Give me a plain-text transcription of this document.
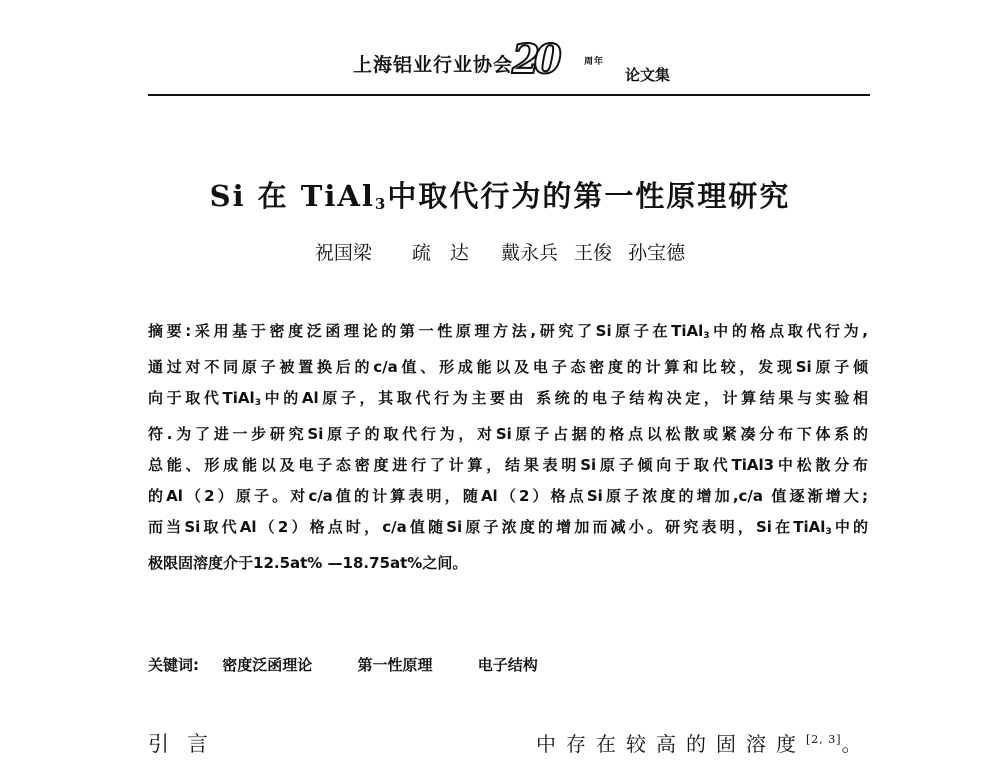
上海铝业行业协会
20	周年
论文集
Si 在 TiAl$_3$中取代行为的第一性原理研究
祝国梁 疏　达 戴永兵 王俊 孙宝德
摘要:采用基于密度泛函理论的第一性原理方法,研究了Si原子在TiAl$_3$中的格点取代行为,
通过对不同原子被置换后的c/a值、形成能以及电子态密度的计算和比较，发现Si原子倾
向于取代TiAl$_3$中的Al原子，其取代行为主要由 系统的电子结构决定，计算结果与实验相
符.为了进一步研究Si原子的取代行为，对Si原子占据的格点以松散或紧凑分布下体系的
总能、形成能以及电子态密度进行了计算，结果表明Si原子倾向于取代TiAl3中松散分布
的Al（2）原子。对c/a值的计算表明，随Al（2）格点Si原子浓度的增加,c/a 值逐渐增大;
而当Si取代Al（2）格点时，c/a值随Si原子浓度的增加而减小。研究表明，Si在TiAl$_3$中的
极限固溶度介于12.5at% —18.75at%之间。
关键词: 密度泛函理论	第一性原理	电子结构
引言	中存在较高的固溶度[2, 3]。
